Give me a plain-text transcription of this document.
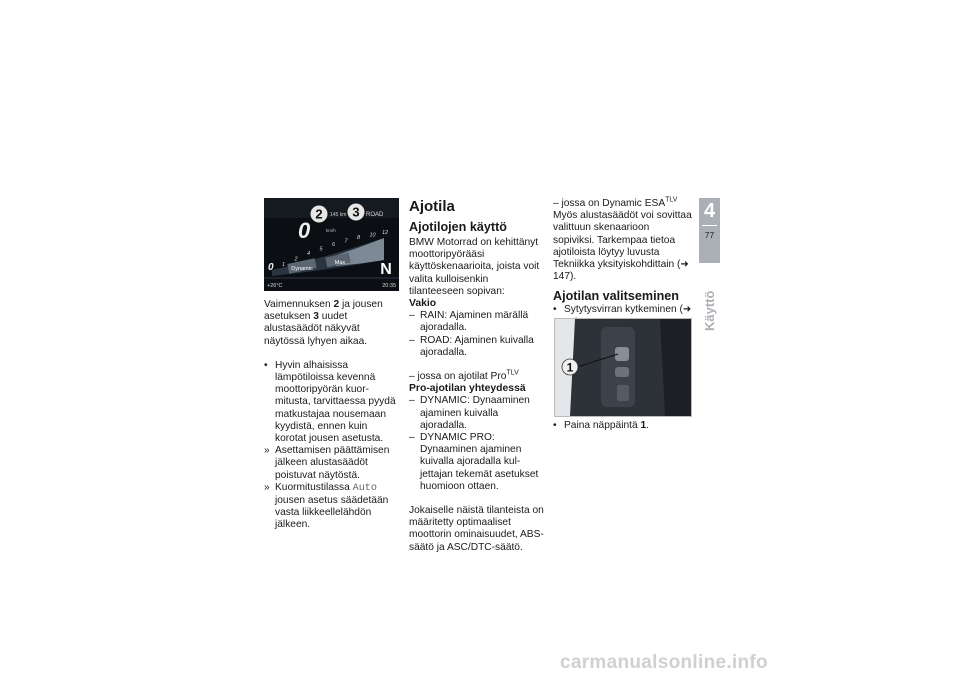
2 3
145 km	ROAD
0	km/h
0 1
2
4
5
6
7
8 10 12
Dynamic
Max N
+26°C	20:35

Vaimennuksen 2 ja jousen asetuksen 3 uudet alustasäädöt näkyvät näytössä lyhyen aikaa.

• Hyvin alhaisissa lämpötiloissa kevennä moottoripyörän kuormitusta, tarvittaessa pyydä matkustajaa nousemaan kyydistä, ennen kuin korotat jousen asetusta.
» Asettamisen päättämisen jälkeen alustasäädöt poistuvat näytöstä.
» Kuormitustilassa Auto jousen asetus säädetään vasta liikkeellelähdön jälkeen.
Ajotila
Ajotilojen käyttö

BMW Motorrad on kehittänyt moottoripyörääsi käyttöskenaarioita, joista voit valita kulloisenkin tilanteeseen sopivan:

Vakio
– RAIN: Ajaminen märällä ajoradalla.
– ROAD: Ajaminen kuivalla ajoradalla.

– jossa on ajotilat Pro$^{TLV}$

Pro-ajotilan yhteydessä
– DYNAMIC: Dynaaminen ajaminen kuivalla ajoradalla.
– DYNAMIC PRO: Dynaaminen ajaminen kuivalla ajoradalla kuljettajan tekemät asetukset huomioon ottaen.

Jokaiselle näistä tilanteista on määritetty optimaaliset moottorin ominaisuudet, ABS-säätö ja ASC/DTC-säätö.

– jossa on Dynamic $ESA^{TLV}$

Myös alustasäädöt voi sovittaa valittuun skenaarioon sopiviksi. Tarkempaa tietoa ajotiloista löytyy luvusta Tekniikka yksityiskohdittain (➜ 147).

Ajotilan valitseminen
• Sytytysvirran kytkeminen (➜
1
• Paina näppäintä 1.
4
77
Käyttö
carmanualsonline.info
